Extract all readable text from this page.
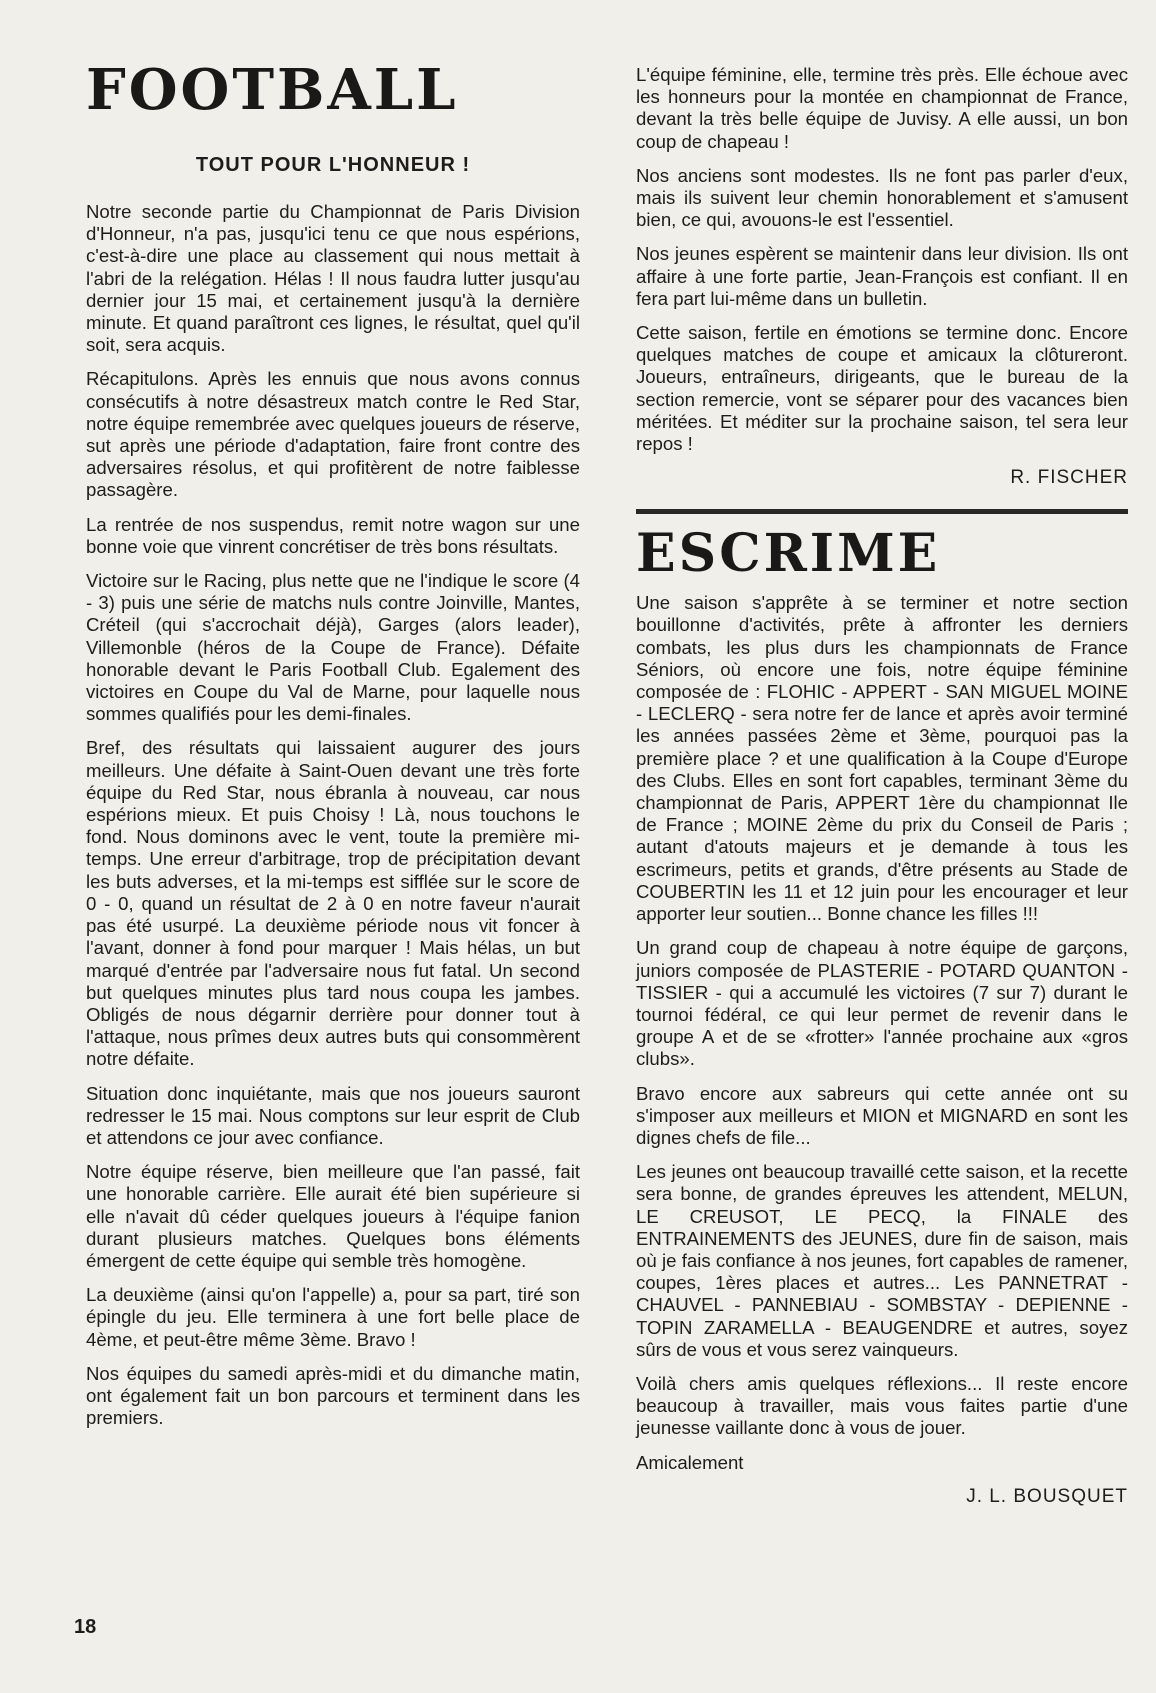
FOOTBALL
TOUT POUR L'HONNEUR !

Notre seconde partie du Championnat de Paris Division d'Honneur, n'a pas, jusqu'ici tenu ce que nous espérions, c'est-à-dire une place au classement qui nous mettait à l'abri de la relégation. Hélas ! Il nous faudra lutter jusqu'au dernier jour 15 mai, et certainement jusqu'à la dernière minute. Et quand paraîtront ces lignes, le résultat, quel qu'il soit, sera acquis.

Récapitulons. Après les ennuis que nous avons connus consécutifs à notre désastreux match contre le Red Star, notre équipe remembrée avec quelques joueurs de réserve, sut après une période d'adaptation, faire front contre des adversaires résolus, et qui profitèrent de notre faiblesse passagère.

La rentrée de nos suspendus, remit notre wagon sur une bonne voie que vinrent concrétiser de très bons résultats.

Victoire sur le Racing, plus nette que ne l'indique le score (4 - 3) puis une série de matchs nuls contre Joinville, Mantes, Créteil (qui s'accrochait déjà), Garges (alors leader), Villemonble (héros de la Coupe de France). Défaite honorable devant le Paris Football Club. Egalement des victoires en Coupe du Val de Marne, pour laquelle nous sommes qualifiés pour les demi-finales.

Bref, des résultats qui laissaient augurer des jours meilleurs. Une défaite à Saint-Ouen devant une très forte équipe du Red Star, nous ébranla à nouveau, car nous espérions mieux. Et puis Choisy ! Là, nous touchons le fond. Nous dominons avec le vent, toute la première mi-temps. Une erreur d'arbitrage, trop de précipitation devant les buts adverses, et la mi-temps est sifflée sur le score de 0 - 0, quand un résultat de 2 à 0 en notre faveur n'aurait pas été usurpé. La deuxième période nous vit foncer à l'avant, donner à fond pour marquer ! Mais hélas, un but marqué d'entrée par l'adversaire nous fut fatal. Un second but quelques minutes plus tard nous coupa les jambes. Obligés de nous dégarnir derrière pour donner tout à l'attaque, nous prîmes deux autres buts qui consommèrent notre défaite.

Situation donc inquiétante, mais que nos joueurs sauront redresser le 15 mai. Nous comptons sur leur esprit de Club et attendons ce jour avec confiance.

Notre équipe réserve, bien meilleure que l'an passé, fait une honorable carrière. Elle aurait été bien supérieure si elle n'avait dû céder quelques joueurs à l'équipe fanion durant plusieurs matches. Quelques bons éléments émergent de cette équipe qui semble très homogène.

La deuxième (ainsi qu'on l'appelle) a, pour sa part, tiré son épingle du jeu. Elle terminera à une fort belle place de 4ème, et peut-être même 3ème. Bravo !

Nos équipes du samedi après-midi et du dimanche matin, ont également fait un bon parcours et terminent dans les premiers.

L'équipe féminine, elle, termine très près. Elle échoue avec les honneurs pour la montée en championnat de France, devant la très belle équipe de Juvisy. A elle aussi, un bon coup de chapeau !

Nos anciens sont modestes. Ils ne font pas parler d'eux, mais ils suivent leur chemin honorablement et s'amusent bien, ce qui, avouons-le est l'essentiel.

Nos jeunes espèrent se maintenir dans leur division. Ils ont affaire à une forte partie, Jean-François est confiant. Il en fera part lui-même dans un bulletin.

Cette saison, fertile en émotions se termine donc. Encore quelques matches de coupe et amicaux la clôtureront. Joueurs, entraîneurs, dirigeants, que le bureau de la section remercie, vont se séparer pour des vacances bien méritées. Et méditer sur la prochaine saison, tel sera leur repos !

R. FISCHER
ESCRIME

Une saison s'apprête à se terminer et notre section bouillonne d'activités, prête à affronter les derniers combats, les plus durs les championnats de France Séniors, où encore une fois, notre équipe féminine composée de : FLOHIC - APPERT - SAN MIGUEL MOINE - LECLERQ - sera notre fer de lance et après avoir terminé les années passées 2ème et 3ème, pourquoi pas la première place ? et une qualification à la Coupe d'Europe des Clubs. Elles en sont fort capables, terminant 3ème du championnat de Paris, APPERT 1ère du championnat Ile de France ; MOINE 2ème du prix du Conseil de Paris ; autant d'atouts majeurs et je demande à tous les escrimeurs, petits et grands, d'être présents au Stade de COUBERTIN les 11 et 12 juin pour les encourager et leur apporter leur soutien... Bonne chance les filles !!!

Un grand coup de chapeau à notre équipe de garçons, juniors composée de PLASTERIE - POTARD QUANTON - TISSIER - qui a accumulé les victoires (7 sur 7) durant le tournoi fédéral, ce qui leur permet de revenir dans le groupe A et de se «frotter» l'année prochaine aux «gros clubs».

Bravo encore aux sabreurs qui cette année ont su s'imposer aux meilleurs et MION et MIGNARD en sont les dignes chefs de file...

Les jeunes ont beaucoup travaillé cette saison, et la recette sera bonne, de grandes épreuves les attendent, MELUN, LE CREUSOT, LE PECQ, la FINALE des ENTRAINEMENTS des JEUNES, dure fin de saison, mais où je fais confiance à nos jeunes, fort capables de ramener, coupes, 1ères places et autres... Les PANNETRAT - CHAUVEL - PANNEBIAU - SOMBSTAY - DEPIENNE - TOPIN ZARAMELLA - BEAUGENDRE et autres, soyez sûrs de vous et vous serez vainqueurs.

Voilà chers amis quelques réflexions... Il reste encore beaucoup à travailler, mais vous faites partie d'une jeunesse vaillante donc à vous de jouer.

Amicalement

J. L. BOUSQUET
18
